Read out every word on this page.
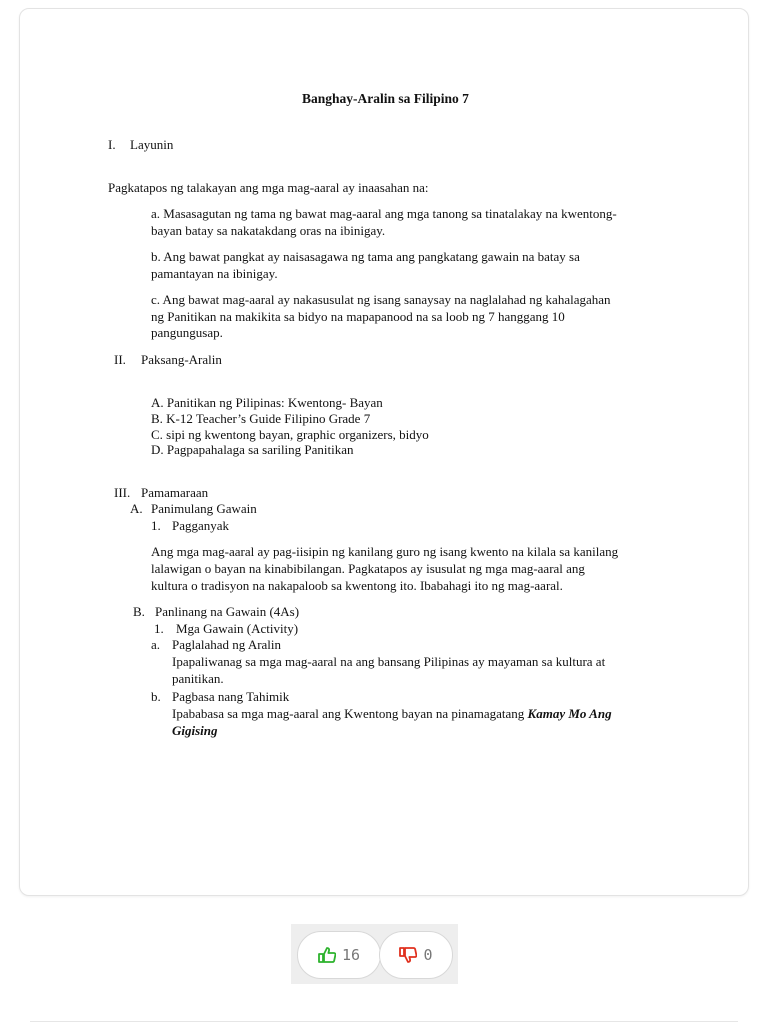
Banghay-Aralin sa Filipino 7
I. Layunin
Pagkatapos ng talakayan ang mga mag-aaral ay inaasahan na:
a. Masasagutan ng tama ng bawat mag-aaral ang mga tanong sa tinatalakay na kwentong-
bayan batay sa nakatakdang oras na ibinigay.
b. Ang bawat pangkat ay naisasagawa ng tama ang pangkatang gawain na batay sa
pamantayan na ibinigay.
c. Ang bawat mag-aaral ay nakasusulat ng isang sanaysay na naglalahad ng kahalagahan
ng Panitikan na makikita sa bidyo na mapapanood na sa loob ng 7 hanggang 10
pangungusap.
II. Paksang-Aralin
A. Panitikan ng Pilipinas: Kwentong- Bayan
B. K-12 Teacher’s Guide Filipino Grade 7
C. sipi ng kwentong bayan, graphic organizers, bidyo
D. Pagpapahalaga sa sariling Panitikan
III. Pamamaraan
A. Panimulang Gawain
1. Pagganyak
Ang mga mag-aaral ay pag-iisipin ng kanilang guro ng isang kwento na kilala sa kanilang
lalawigan o bayan na kinabibilangan. Pagkatapos ay isusulat ng mga mag-aaral ang
kultura o tradisyon na nakapaloob sa kwentong ito. Ibabahagi ito ng mag-aaral.
B. Panlinang na Gawain (4As)
1. Mga Gawain (Activity)
a. Paglalahad ng Aralin
Ipapaliwanag sa mga mag-aaral na ang bansang Pilipinas ay mayaman sa kultura at
panitikan.
b. Pagbasa nang Tahimik
Ipababasa sa mga mag-aaral ang Kwentong bayan na pinamagatang Kamay Mo Ang
Gigising
16	0
